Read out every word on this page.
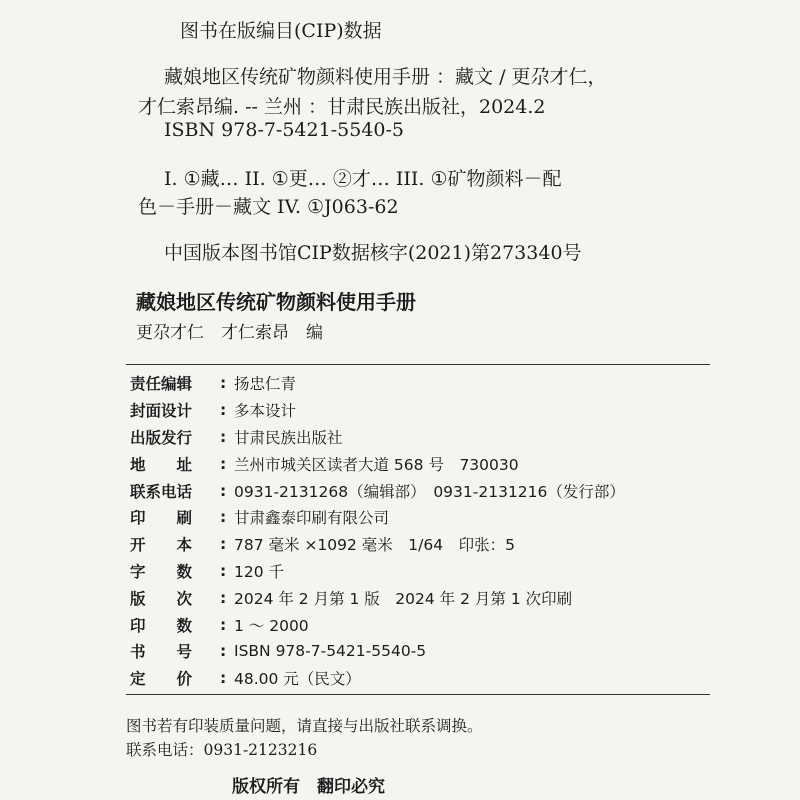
图书在版编目(CIP)数据
藏娘地区传统矿物颜料使用手册 ：藏文 / 更尕才仁，
才仁索昂编. -- 兰州 ：甘肃民族出版社，2024.2
ISBN 978-7-5421-5540-5
I. ①藏… II. ①更… ②才… III. ①矿物颜料－配
色－手册－藏文 IV. ①J063-62
中国版本图书馆CIP数据核字(2021)第273340号
藏娘地区传统矿物颜料使用手册
更尕才仁　才仁索昂　编
责任编辑	: 扬忠仁青
封面设计	: 多本设计
出版发行	: 甘肃民族出版社
地 址 : 兰州市城关区读者大道 568 号　730030
联系电话	: 0931-2131268（编辑部）　0931-2131216（发行部）
印 刷 : 甘肃鑫泰印刷有限公司
开 本 : 787 毫米 ×1092 毫米　1/64　印张：5
字 数 : 120 千
版 次 : 2024 年 2 月第 1 版　2024 年 2 月第 1 次印刷
印 数 : 1 ～ 2000
书 号 : ISBN 978-7-5421-5540-5
定 价 : 48.00 元（民文）
图书若有印装质量问题，请直接与出版社联系调换。
联系电话：0931-2123216
版权所有　翻印必究
